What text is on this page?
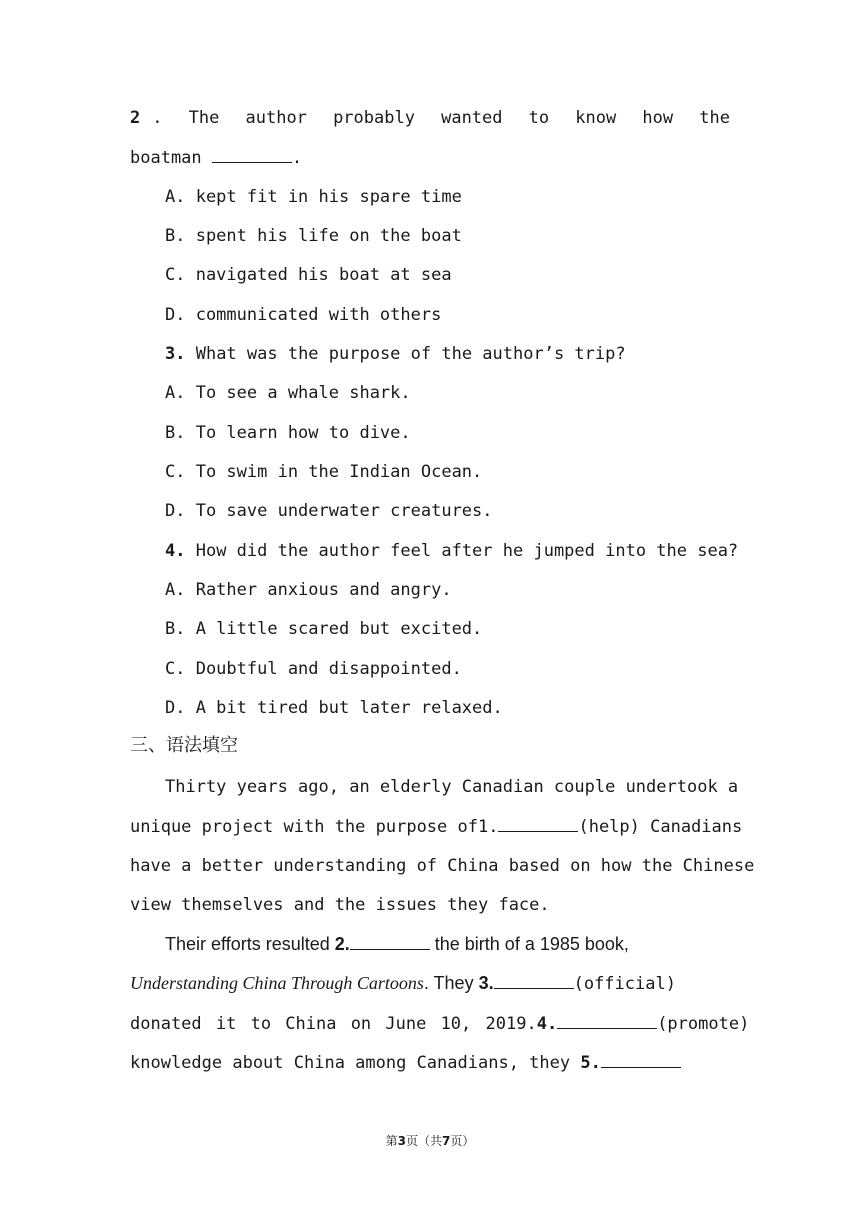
2 . The author probably wanted to know how the
boatman	.
A. kept fit in his spare time
B. spent his life on the boat
C. navigated his boat at sea
D. communicated with others
3. What was the purpose of the author’s trip?
A. To see a whale shark.
B. To learn how to dive.
C. To swim in the Indian Ocean.
D. To save underwater creatures.
4. How did the author feel after he jumped into the sea?
A. Rather anxious and angry.
B. A little scared but excited.
C. Doubtful and disappointed.
D. A bit tired but later relaxed.
三、语法填空
Thirty years ago, an elderly Canadian couple undertook a
unique project with the purpose of1.	(help) Canadians
have a better understanding of China based on how the Chinese
view themselves and the issues they face.
Their efforts resulted 2.	the birth of a 1985 book,
Understanding China Through Cartoons. They 3.	(official)
donated it to China on June 10, 2019.4.	(promote)
knowledge about China among Canadians, they 5.
第3页（共7页）
